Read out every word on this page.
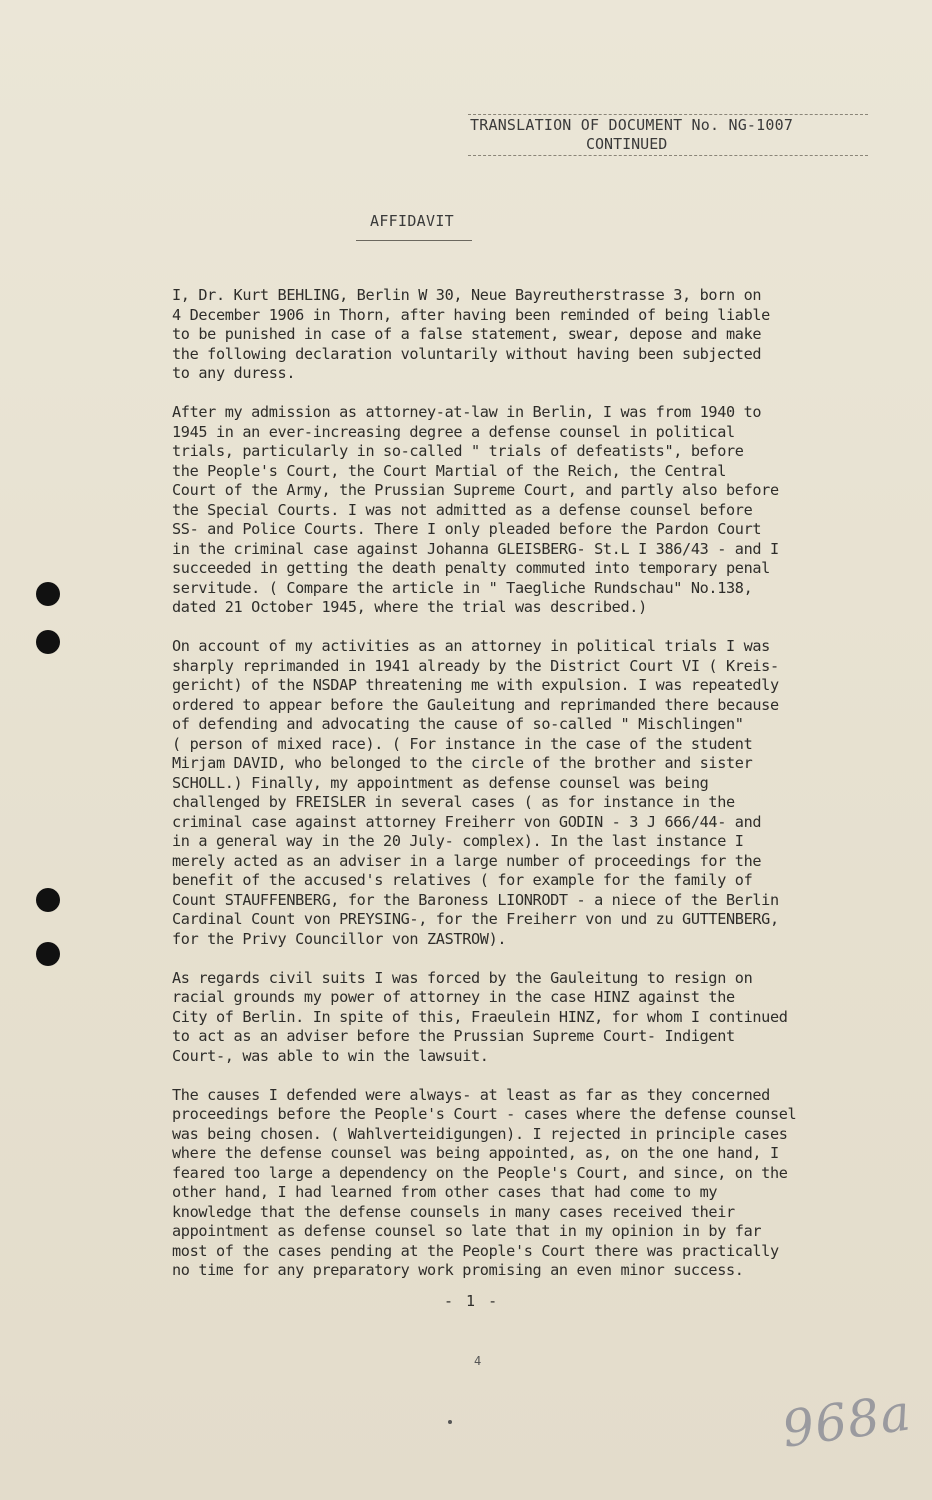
TRANSLATION OF DOCUMENT No. NG-1007
CONTINUED
AFFIDAVIT

I, Dr. Kurt BEHLING, Berlin W 30, Neue Bayreutherstrasse 3, born on
4 December 1906 in Thorn, after having been reminded of being liable
to be punished in case of a false statement, swear, depose and make
the following declaration voluntarily without having been subjected
to any duress.

After my admission as attorney-at-law in Berlin, I was from 1940 to
1945 in an ever-increasing degree a defense counsel in political
trials, particularly in so-called " trials of defeatists", before
the People's Court, the Court Martial of the Reich, the Central
Court of the Army, the Prussian Supreme Court, and partly also before
the Special Courts. I was not admitted as a defense counsel before
SS- and Police Courts. There I only pleaded before the Pardon Court
in the criminal case against Johanna GLEISBERG- St.L I 386/43 - and I
succeeded in getting the death penalty commuted into temporary penal
servitude. ( Compare the article in " Taegliche Rundschau" No.138,
dated 21 October 1945, where the trial was described.)

On account of my activities as an attorney in political trials I was
sharply reprimanded in 1941 already by the District Court VI ( Kreis-
gericht) of the NSDAP threatening me with expulsion. I was repeatedly
ordered to appear before the Gauleitung and reprimanded there because
of defending and advocating the cause of so-called " Mischlingen"
( person of mixed race). ( For instance in the case of the student
Mirjam DAVID, who belonged to the circle of the brother and sister
SCHOLL.) Finally, my appointment as defense counsel was being
challenged by FREISLER in several cases ( as for instance in the
criminal case against attorney Freiherr von GODIN - 3 J 666/44- and
in a general way in the 20 July- complex). In the last instance I
merely acted as an adviser in a large number of proceedings for the
benefit of the accused's relatives ( for example for the family of
Count STAUFFENBERG, for the Baroness LIONRODT - a niece of the Berlin
Cardinal Count von PREYSING-, for the Freiherr von und zu GUTTENBERG,
for the Privy Councillor von ZASTROW).

As regards civil suits I was forced by the Gauleitung to resign on
racial grounds my power of attorney in the case HINZ against the
City of Berlin. In spite of this, Fraeulein HINZ, for whom I continued
to act as an adviser before the Prussian Supreme Court- Indigent
Court-, was able to win the lawsuit.

The causes I defended were always- at least as far as they concerned
proceedings before the People's Court - cases where the defense counsel
was being chosen. ( Wahlverteidigungen). I rejected in principle cases
where the defense counsel was being appointed, as, on the one hand, I
feared too large a dependency on the People's Court, and since, on the
other hand, I had learned from other cases that had come to my
knowledge that the defense counsels in many cases received their
appointment as defense counsel so late that in my opinion in by far
most of the cases pending at the People's Court there was practically
no time for any preparatory work promising an even minor success.

- 1 -
4
968a
